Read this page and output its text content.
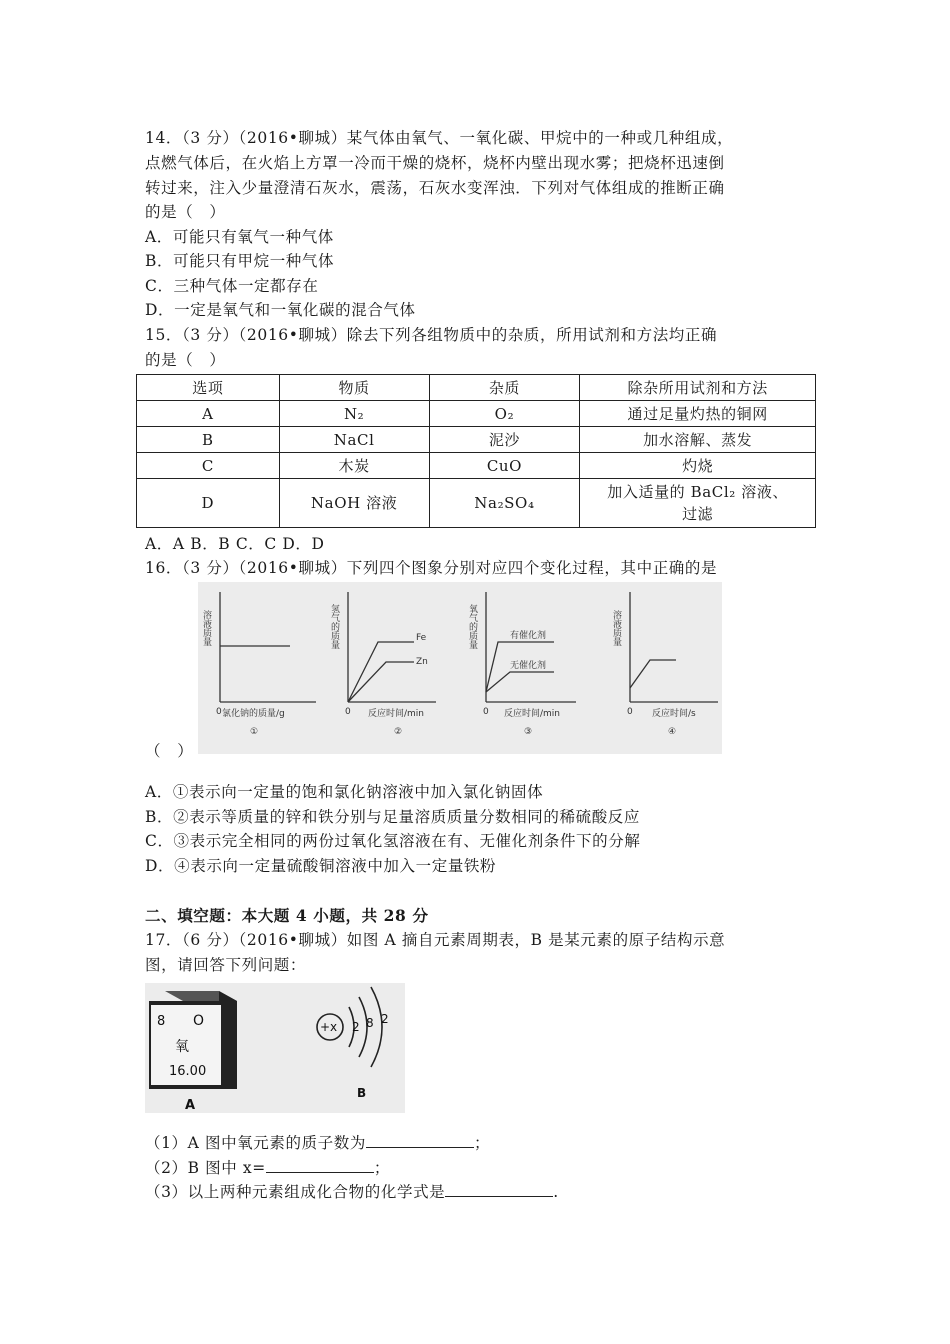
14．（3 分）（2016•聊城）某气体由氧气、一氧化碳、甲烷中的一种或几种组成，
点燃气体后，在火焰上方罩一冷而干燥的烧杯，烧杯内壁出现水雾；把烧杯迅速倒
转过来，注入少量澄清石灰水，震荡，石灰水变浑浊．下列对气体组成的推断正确
的是（　）
A．可能只有氧气一种气体
B．可能只有甲烷一种气体
C．三种气体一定都存在
D．一定是氧气和一氧化碳的混合气体
15．（3 分）（2016•聊城）除去下列各组物质中的杂质，所用试剂和方法均正确
的是（　）
选项	物质	杂质	除杂所用试剂和方法
A	N₂	O₂	通过足量灼热的铜网
B	NaCl	泥沙	加水溶解、蒸发
C	木炭	CuO	灼烧
D	NaOH 溶液	Na₂SO₄	加入适量的 BaCl₂ 溶液、
过滤
A．A B．B C．C D．D
16．（3 分）（2016•聊城）下列四个图象分别对应四个变化过程，其中正确的是
溶液质量
氯化钠的质量/g
①
0
氢气的质量
反应时间/min
Fe
Zn
②
0
氧气的质量
反应时间/min
有催化剂
无催化剂
③
0
溶液质量
反应时间/s
④
0
（　）
A．①表示向一定量的饱和氯化钠溶液中加入氯化钠固体
B．②表示等质量的锌和铁分别与足量溶质质量分数相同的稀硫酸反应
C．③表示完全相同的两份过氧化氢溶液在有、无催化剂条件下的分解
D．④表示向一定量硫酸铜溶液中加入一定量铁粉
二、填空题：本大题 4 小题，共 28 分
17．（6 分）（2016•聊城）如图 A 摘自元素周期表，B 是某元素的原子结构示意
图，请回答下列问题：
8 O
氧
16.00
A
+x 2 8 2
B
（1）A 图中氧元素的质子数为	；
（2）B 图中 x=	；
（3）以上两种元素组成化合物的化学式是	.
